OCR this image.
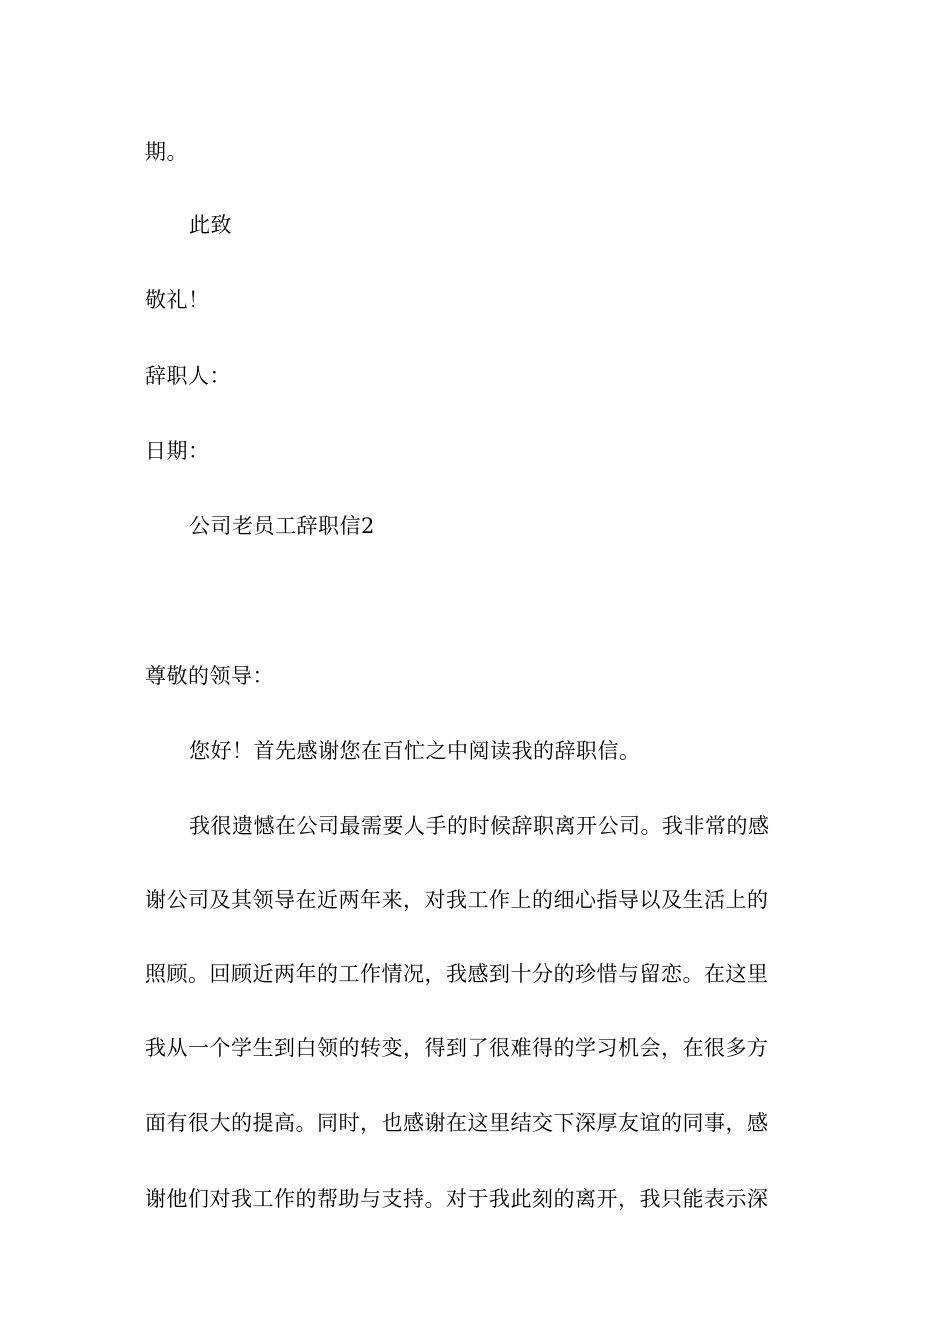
期。
此致
敬礼！
辞职人：
日期：
公司老员工辞职信2
尊敬的领导：
您好！首先感谢您在百忙之中阅读我的辞职信。
我很遗憾在公司最需要人手的时候辞职离开公司。我非常的感
谢公司及其领导在近两年来，对我工作上的细心指导以及生活上的
照顾。回顾近两年的工作情况，我感到十分的珍惜与留恋。在这里
我从一个学生到白领的转变，得到了很难得的学习机会，在很多方
面有很大的提高。同时，也感谢在这里结交下深厚友谊的同事，感
谢他们对我工作的帮助与支持。对于我此刻的离开，我只能表示深
